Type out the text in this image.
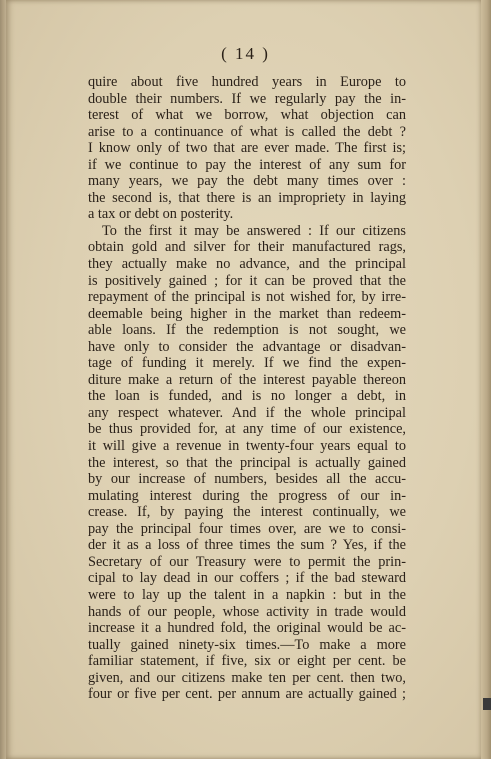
( 14 )
quire about five hundred years in Europe to
double their numbers. If we regularly pay the in-
terest of what we borrow, what objection can
arise to a continuance of what is called the debt ?
I know only of two that are ever made. The first is;
if we continue to pay the interest of any sum for
many years, we pay the debt many times over :
the second is, that there is an impropriety in laying
a tax or debt on posterity.
To the first it may be answered : If our citizens
obtain gold and silver for their manufactured rags,
they actually make no advance, and the principal
is positively gained ; for it can be proved that the
repayment of the principal is not wished for, by irre-
deemable being higher in the market than redeem-
able loans. If the redemption is not sought, we
have only to consider the advantage or disadvan-
tage of funding it merely. If we find the expen-
diture make a return of the interest payable thereon
the loan is funded, and is no longer a debt, in
any respect whatever. And if the whole principal
be thus provided for, at any time of our existence,
it will give a revenue in twenty-four years equal to
the interest, so that the principal is actually gained
by our increase of numbers, besides all the accu-
mulating interest during the progress of our in-
crease. If, by paying the interest continually, we
pay the principal four times over, are we to consi-
der it as a loss of three times the sum ? Yes, if the
Secretary of our Treasury were to permit the prin-
cipal to lay dead in our coffers ; if the bad steward
were to lay up the talent in a napkin : but in the
hands of our people, whose activity in trade would
increase it a hundred fold, the original would be ac-
tually gained ninety-six times.—To make a more
familiar statement, if five, six or eight per cent. be
given, and our citizens make ten per cent. then two,
four or five per cent. per annum are actually gained ;
